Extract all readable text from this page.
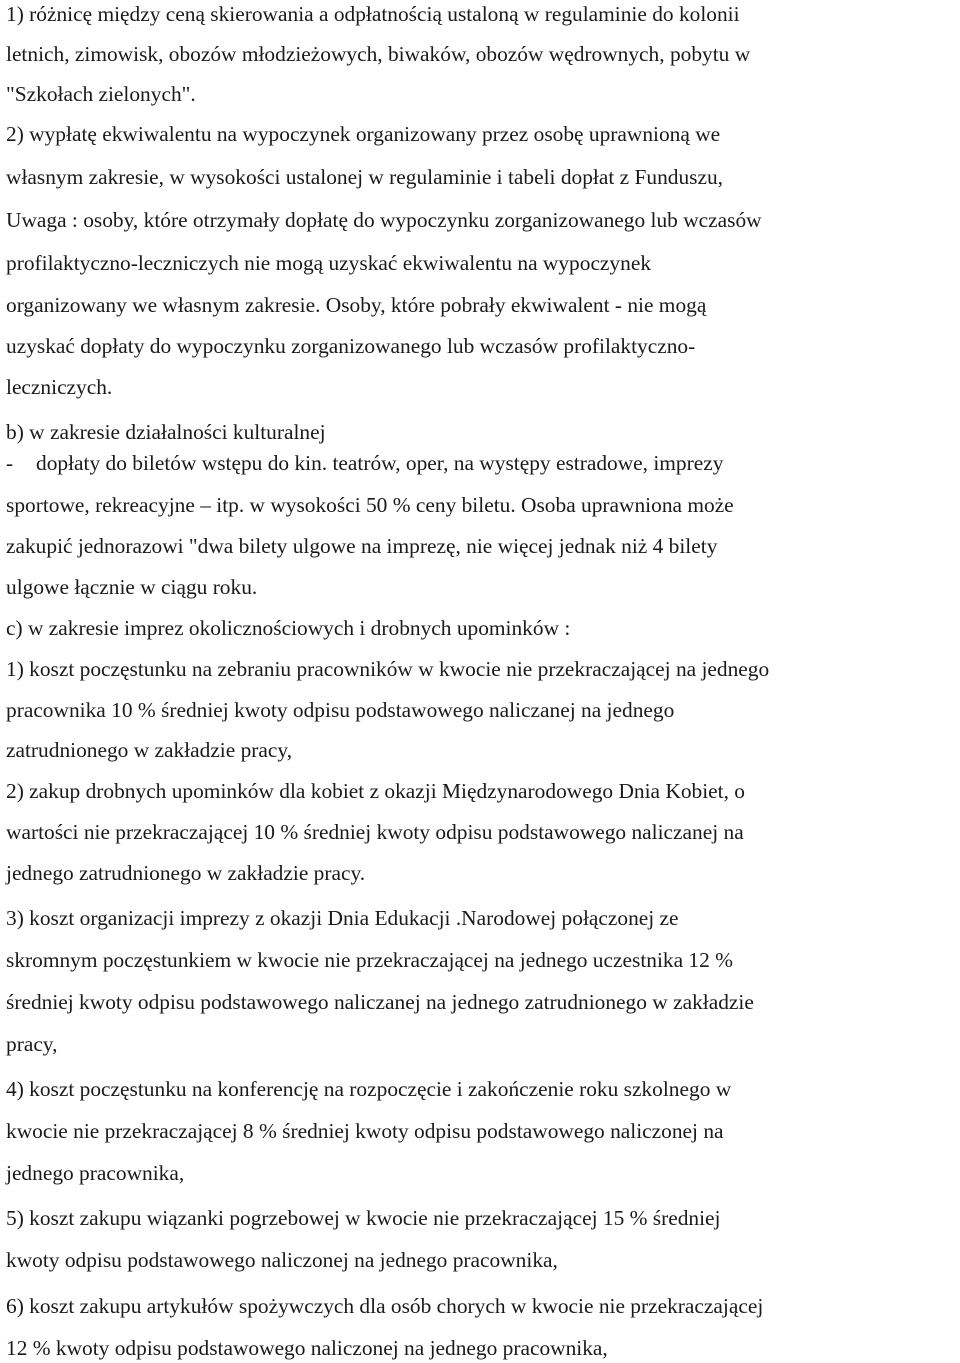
1) różnicę między ceną skierowania a odpłatnością ustaloną w regulaminie do kolonii
letnich, zimowisk, obozów młodzieżowych, biwaków, obozów wędrownych, pobytu w
"Szkołach zielonych".
2) wypłatę ekwiwalentu na wypoczynek organizowany przez osobę uprawnioną we
własnym zakresie, w wysokości ustalonej w regulaminie i tabeli dopłat z Funduszu,
Uwaga : osoby, które otrzymały dopłatę do wypoczynku zorganizowanego lub wczasów
profilaktyczno-leczniczych nie mogą uzyskać ekwiwalentu na wypoczynek
organizowany we własnym zakresie. Osoby, które pobrały ekwiwalent - nie mogą
uzyskać dopłaty do wypoczynku zorganizowanego lub wczasów profilaktyczno-
leczniczych.
b) w zakresie działalności kulturalnej
- dopłaty do biletów wstępu do kin. teatrów, oper, na występy estradowe, imprezy
sportowe, rekreacyjne – itp. w wysokości 50 % ceny biletu. Osoba uprawniona może
zakupić jednorazowi "dwa bilety ulgowe na imprezę, nie więcej jednak niż 4 bilety
ulgowe łącznie w ciągu roku.
c) w zakresie imprez okolicznościowych i drobnych upominków :
1) koszt poczęstunku na zebraniu pracowników w kwocie nie przekraczającej na jednego
pracownika 10 % średniej kwoty odpisu podstawowego naliczanej na jednego
zatrudnionego w zakładzie pracy,
2) zakup drobnych upominków dla kobiet z okazji Międzynarodowego Dnia Kobiet, o
wartości nie przekraczającej 10 % średniej kwoty odpisu podstawowego naliczanej na
jednego zatrudnionego w zakładzie pracy.
3) koszt organizacji imprezy z okazji Dnia Edukacji .Narodowej połączonej ze
skromnym poczęstunkiem w kwocie nie przekraczającej na jednego uczestnika 12 %
średniej kwoty odpisu podstawowego naliczanej na jednego zatrudnionego w zakładzie
pracy,
4) koszt poczęstunku na konferencję na rozpoczęcie i zakończenie roku szkolnego w
kwocie nie przekraczającej 8 % średniej kwoty odpisu podstawowego naliczonej na
jednego pracownika,
5) koszt zakupu wiązanki pogrzebowej w kwocie nie przekraczającej 15 % średniej
kwoty odpisu podstawowego naliczonej na jednego pracownika,
6) koszt zakupu artykułów spożywczych dla osób chorych w kwocie nie przekraczającej
12 % kwoty odpisu podstawowego naliczonej na jednego pracownika,
